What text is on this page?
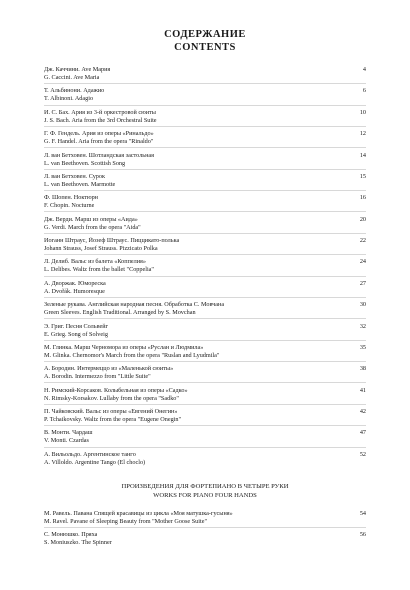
СОДЕРЖАНИЕ
CONTENTS
Дж. Каччини. Ave Мария	4
G. Caccini. Ave Maria
Т. Альбинони. Адажио	6
T. Albinoni. Adagio
И. С. Бах. Ария из 3-й оркестровой сюиты	10
J. S. Bach. Aria from the 3rd Orchestral Suite
Г. Ф. Гендель. Ария из оперы «Ринальдо»	12
G. F. Handel. Aria from the opera "Rinaldo"
Л. ван Бетховен. Шотландская застольная	14
L. van Beethoven. Scottish Song
Л. ван Бетховен. Сурок	15
L. van Beethoven. Marmotte
Ф. Шопен. Ноктюрн	16
F. Chopin. Nocturne
Дж. Верди. Марш из оперы «Аида»	20
G. Verdi. March from the opera "Aida"
Иоганн Штраус, Йозеф Штраус. Пиццикато-полька	22
Johann Strauss, Josef Strauss. Pizzicato Polka
Л. Делиб. Вальс из балета «Коппелия»	24
L. Delibes. Waltz from the ballet "Coppelia"
А. Дворжак. Юмореска	27
A. Dvořák. Humoresque
Зеленые рукава. Английская народная песня. Обработка С. Мовчана	30
Green Sleeves. English Traditional. Arranged by S. Movchan
Э. Григ. Песня Сольвейг	32
E. Grieg. Song of Solveig
М. Глинка. Марш Черномора из оперы «Руслан и Людмила»	35
M. Glinka. Chernomor's March from the opera "Ruslan and Lyudmila"
А. Бородин. Интермеццо из «Маленькой сюиты»	38
A. Borodin. Intermezzo from "Little Suite"
Н. Римский-Корсаков. Колыбельная из оперы «Садко»	41
N. Rimsky-Korsakov. Lullaby from the opera "Sadko"
П. Чайковский. Вальс из оперы «Евгений Онегин»	42
P. Tchaikovsky. Waltz from the opera "Eugene Onegin"
В. Монти. Чардаш	47
V. Monti. Czardas
А. Вильольдо. Аргентинское танго	52
A. Villoldo. Argentine Tango (El choclo)
ПРОИЗВЕДЕНИЯ ДЛЯ ФОРТЕПИАНО В ЧЕТЫРЕ РУКИ
WORKS FOR PIANO FOUR HANDS
М. Равель. Павана Спящей красавицы из цикла «Моя матушка-гусыня»	54
M. Ravel. Pavane of Sleeping Beauty from "Mother Goose Suite"
С. Монюшко. Пряха	56
S. Moniuszko. The Spinner
